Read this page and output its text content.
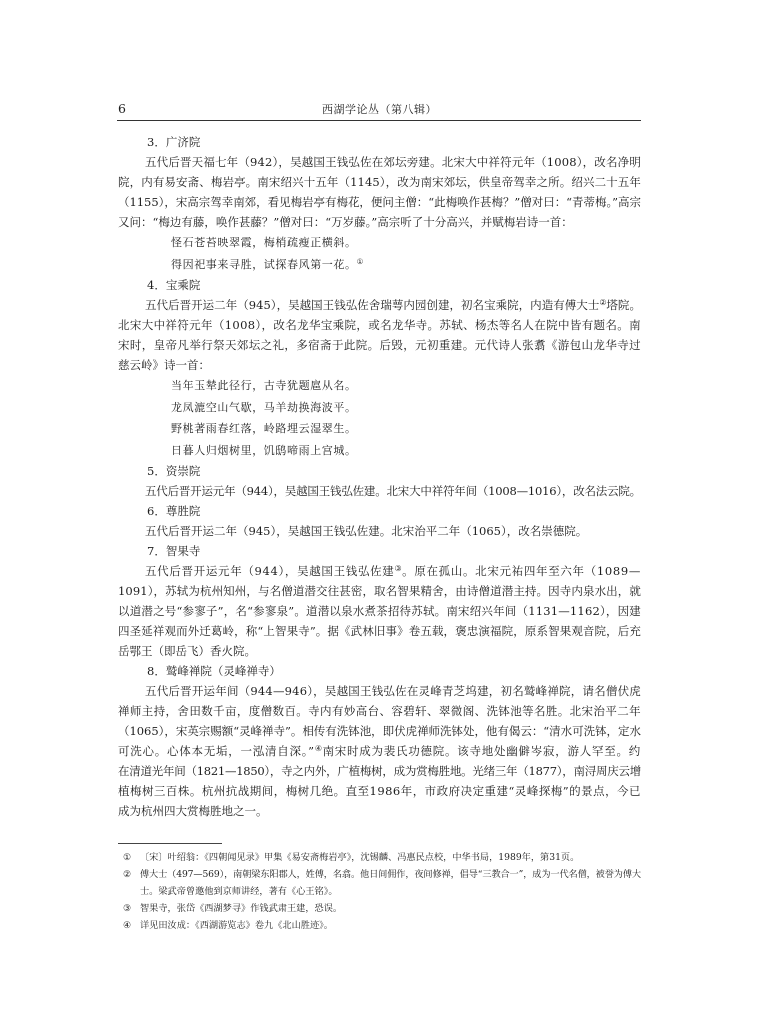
6	西湖学论丛（第八辑）
3．广济院
五代后晋天福七年（942），吴越国王钱弘佐在郊坛旁建。北宋大中祥符元年（1008），改名净明
院，内有易安斋、梅岩亭。南宋绍兴十五年（1145），改为南宋郊坛，供皇帝驾幸之所。绍兴二十五年
（1155），宋高宗驾幸南郊，看见梅岩亭有梅花，便问主僧：“此梅唤作甚梅？”僧对曰：“青蒂梅。”高宗
又问：“梅边有藤，唤作甚藤？”僧对曰：“万岁藤。”高宗听了十分高兴，并赋梅岩诗一首：
怪石苍苔映翠霞，梅梢疏瘦正横斜。
得因祀事来寻胜，试探春风第一花。①
4．宝乘院
五代后晋开运二年（945），吴越国王钱弘佐舍瑞萼内园创建，初名宝乘院，内造有傅大士②塔院。
北宋大中祥符元年（1008），改名龙华宝乘院，或名龙华寺。苏轼、杨杰等名人在院中皆有题名。南
宋时，皇帝凡举行祭天郊坛之礼，多宿斋于此院。后毁，元初重建。元代诗人张翥《游包山龙华寺过
慈云岭》诗一首：
当年玉辇此径行，古寺犹题扈从名。
龙凤漉空山气歇，马羊劫换海波平。
野桃著雨春红落，岭路埋云湿翠生。
日暮人归烟树里，饥鸱啼雨上宫城。
5．资崇院
五代后晋开运元年（944），吴越国王钱弘佐建。北宋大中祥符年间（1008—1016），改名法云院。
6．尊胜院
五代后晋开运二年（945），吴越国王钱弘佐建。北宋治平二年（1065），改名崇德院。
7．智果寺
五代后晋开运元年（944），吴越国王钱弘佐建③。原在孤山。北宋元祐四年至六年（1089—
1091），苏轼为杭州知州，与名僧道潜交往甚密，取名智果精舍，由诗僧道潜主持。因寺内泉水出，就
以道潜之号“参寥子”，名“参寥泉”。道潜以泉水煮茶招待苏轼。南宋绍兴年间（1131—1162），因建
四圣延祥观而外迁葛岭，称“上智果寺”。据《武林旧事》卷五载，褒忠演福院，原系智果观音院，后充
岳鄂王（即岳飞）香火院。
8．鹫峰禅院（灵峰禅寺）
五代后晋开运年间（944—946），吴越国王钱弘佐在灵峰青芝坞建，初名鹫峰禅院，请名僧伏虎
禅师主持，舍田数千亩，度僧数百。寺内有妙高台、容碧轩、翠微阁、洗钵池等名胜。北宋治平二年
（1065），宋英宗赐额“灵峰禅寺”。相传有洗钵池，即伏虎禅师洗钵处，他有偈云：“清水可洗钵，定水
可洗心。心体本无垢，一泓清自深。”④南宋时成为裴氏功德院。该寺地处幽僻岑寂，游人罕至。约
在清道光年间（1821—1850），寺之内外，广植梅树，成为赏梅胜地。光绪三年（1877），南浔周庆云增
植梅树三百株。杭州抗战期间，梅树几绝。直至1986年，市政府决定重建“灵峰探梅”的景点，今已
成为杭州四大赏梅胜地之一。
① 〔宋〕叶绍翁：《四朝闻见录》甲集《易安斋梅岩亭》，沈锡麟、冯惠民点校，中华书局，1989年，第31页。
② 傅大士（497—569），南朝梁东阳郡人，姓傅，名翕。他日间佣作，夜间修禅，倡导“三教合一”，成为一代名僧，被誉为傅大
士。梁武帝曾邀他到京师讲经，著有《心王铭》。
③ 智果寺，张岱《西湖梦寻》作钱武肃王建，恐误。
④ 详见田汝成：《西湖游览志》卷九《北山胜迹》。
